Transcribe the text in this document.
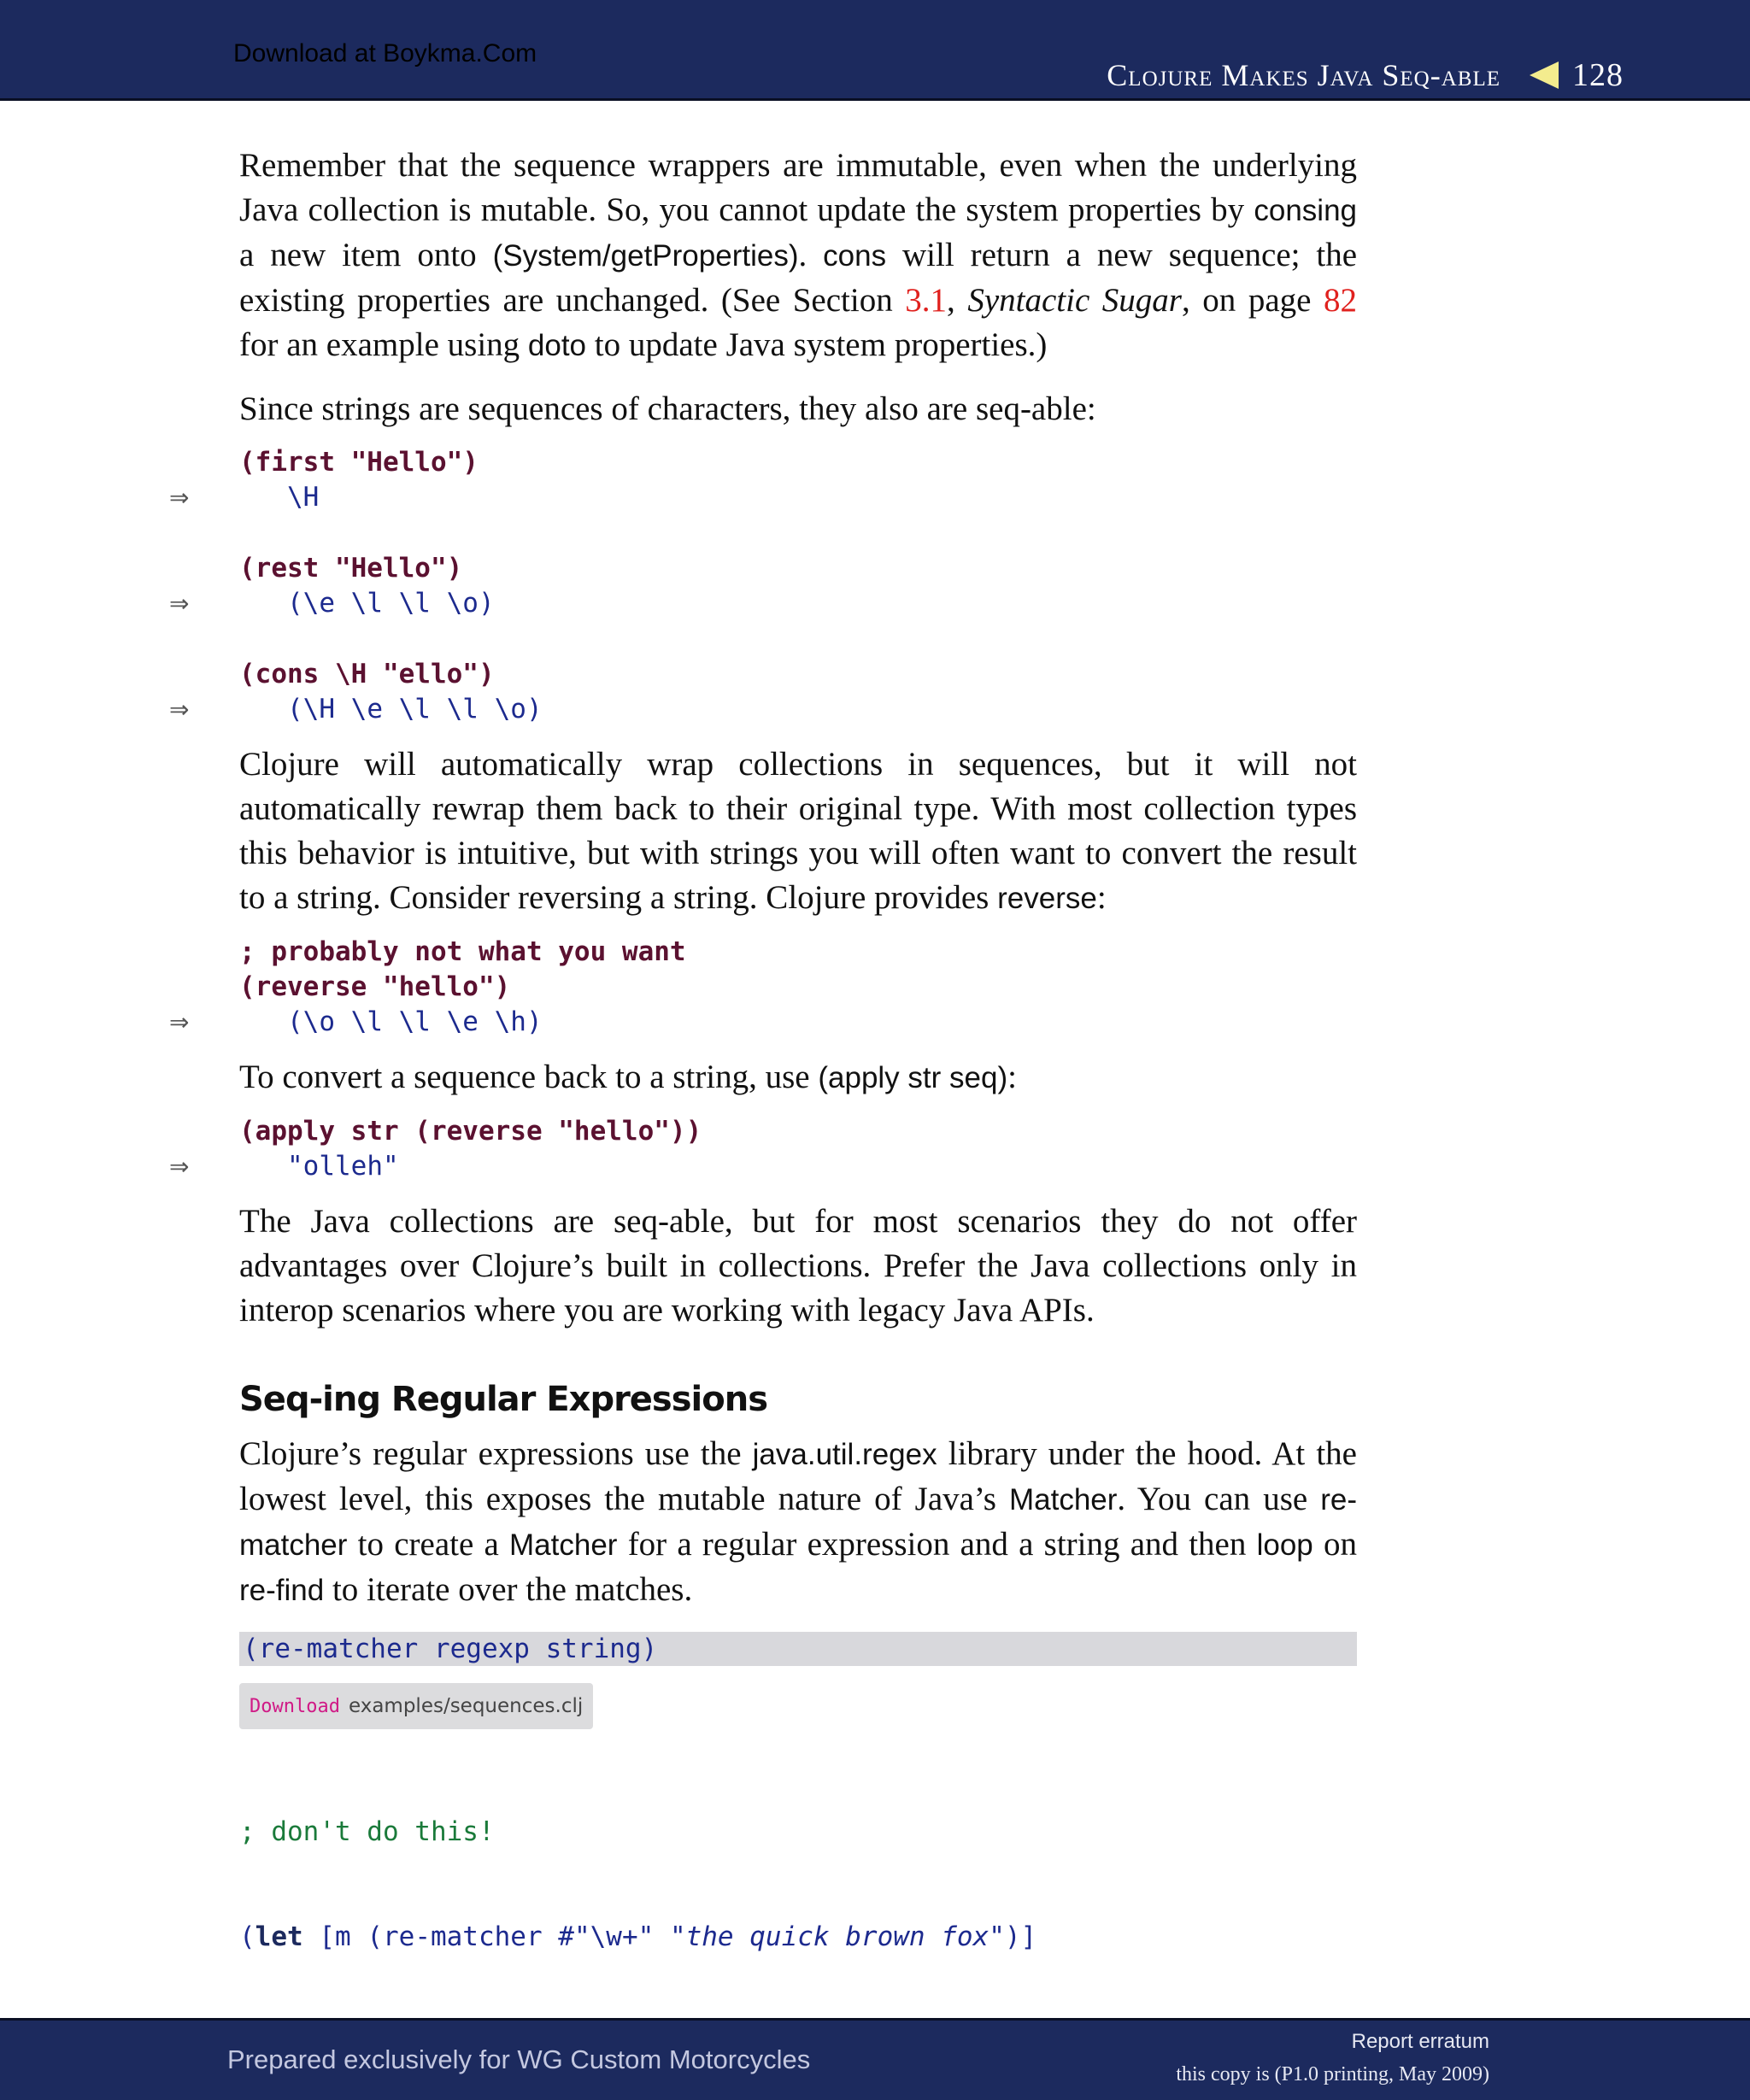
Download at Boykma.Com
Clojure Makes Java Seq-able 128

Remember that the sequence wrappers are immutable, even when the underlying Java collection is mutable. So, you cannot update the system properties by consing a new item onto (System/getProperties). cons will return a new sequence; the existing properties are unchanged. (See Section 3.1, Syntactic Sugar, on page 82 for an example using doto to update Java system properties.)

Since strings are sequences of characters, they also are seq-able:

(first "Hello")
\H
⇒
(rest "Hello")
(\e \l \l \o)
⇒
(cons \H "ello")
(\H \e \l \l \o)
⇒

Clojure will automatically wrap collections in sequences, but it will not automatically rewrap them back to their original type. With most collection types this behavior is intuitive, but with strings you will often want to convert the result to a string. Consider reversing a string. Clojure provides reverse:

; probably not what you want
(reverse "hello")
(\o \l \l \e \h)
⇒

To convert a sequence back to a string, use (apply str seq):

(apply str (reverse "hello"))
"olleh"
⇒

The Java collections are seq-able, but for most scenarios they do not offer advantages over Clojure’s built in collections. Prefer the Java collections only in interop scenarios where you are working with legacy Java APIs.

Seq-ing Regular Expressions

Clojure’s regular expressions use the java.util.regex library under the hood. At the lowest level, this exposes the mutable nature of Java’s Matcher. You can use re-matcher to create a Matcher for a regular expression and a string and then loop on re-find to iterate over the matches.

(re-matcher regexp string)
Download examples/sequences.clj

; don't do this!

(let [m (re-matcher #"\w+" "the quick brown fox")]

Prepared exclusively for WG Custom Motorcycles
Report erratum
this copy is (P1.0 printing, May 2009)
